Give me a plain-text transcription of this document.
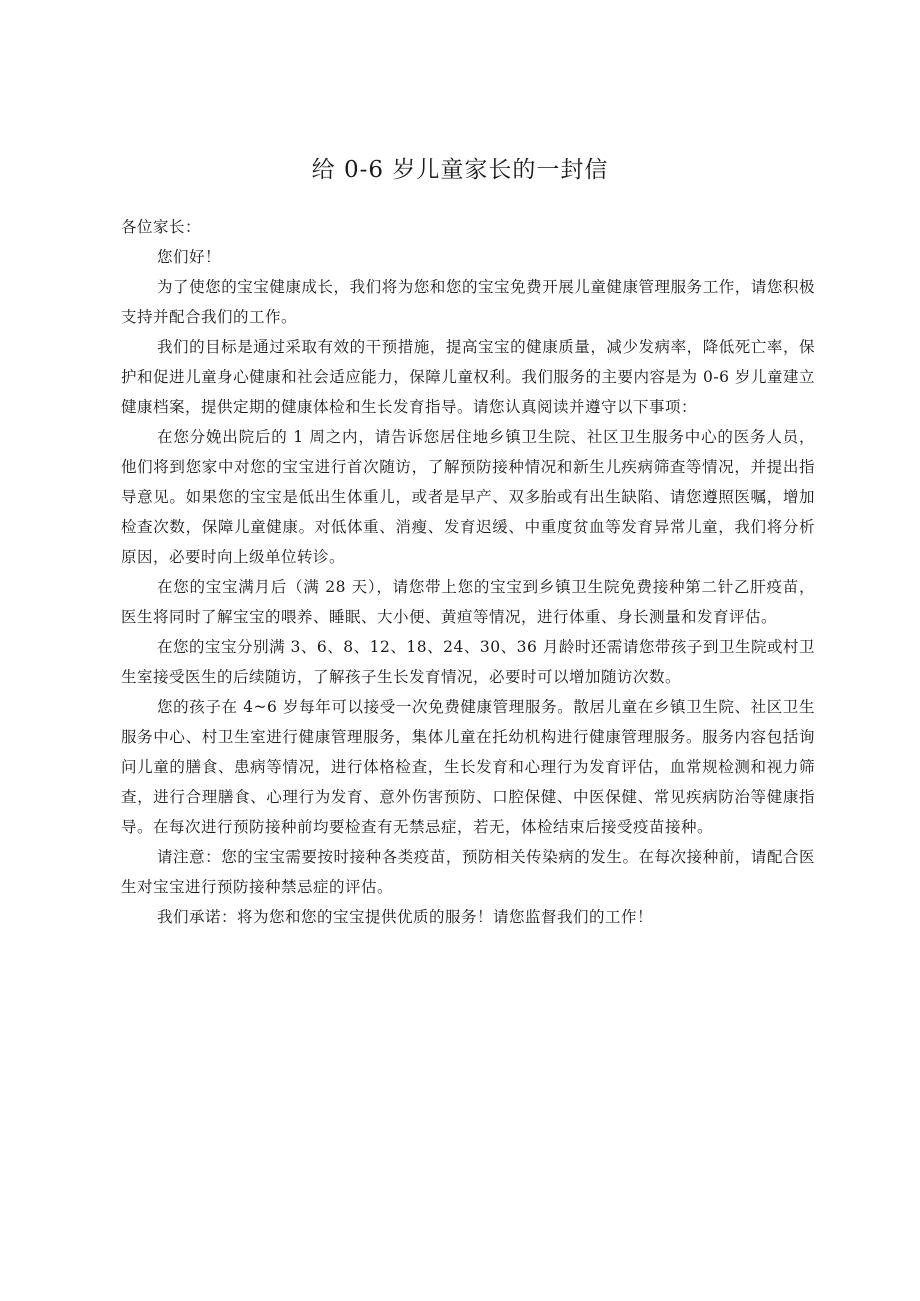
给 0-6 岁儿童家长的一封信

各位家长：

您们好！

为了使您的宝宝健康成长，我们将为您和您的宝宝免费开展儿童健康管理服务工作，请您积极支持并配合我们的工作。

我们的目标是通过采取有效的干预措施，提高宝宝的健康质量，减少发病率，降低死亡率，保护和促进儿童身心健康和社会适应能力，保障儿童权利。我们服务的主要内容是为 0-6 岁儿童建立健康档案，提供定期的健康体检和生长发育指导。请您认真阅读并遵守以下事项：

在您分娩出院后的 1 周之内，请告诉您居住地乡镇卫生院、社区卫生服务中心的医务人员，他们将到您家中对您的宝宝进行首次随访，了解预防接种情况和新生儿疾病筛查等情况，并提出指导意见。如果您的宝宝是低出生体重儿，或者是早产、双多胎或有出生缺陷、请您遵照医嘱，增加检查次数，保障儿童健康。对低体重、消瘦、发育迟缓、中重度贫血等发育异常儿童，我们将分析原因，必要时向上级单位转诊。

在您的宝宝满月后（满 28 天），请您带上您的宝宝到乡镇卫生院免费接种第二针乙肝疫苗，医生将同时了解宝宝的喂养、睡眠、大小便、黄疸等情况，进行体重、身长测量和发育评估。

在您的宝宝分别满 3、6、8、12、18、24、30、36 月龄时还需请您带孩子到卫生院或村卫生室接受医生的后续随访，了解孩子生长发育情况，必要时可以增加随访次数。

您的孩子在 4~6 岁每年可以接受一次免费健康管理服务。散居儿童在乡镇卫生院、社区卫生服务中心、村卫生室进行健康管理服务，集体儿童在托幼机构进行健康管理服务。服务内容包括询问儿童的膳食、患病等情况，进行体格检查，生长发育和心理行为发育评估，血常规检测和视力筛查，进行合理膳食、心理行为发育、意外伤害预防、口腔保健、中医保健、常见疾病防治等健康指导。在每次进行预防接种前均要检查有无禁忌症，若无，体检结束后接受疫苗接种。

请注意：您的宝宝需要按时接种各类疫苗，预防相关传染病的发生。在每次接种前，请配合医生对宝宝进行预防接种禁忌症的评估。

我们承诺：将为您和您的宝宝提供优质的服务！请您监督我们的工作！
